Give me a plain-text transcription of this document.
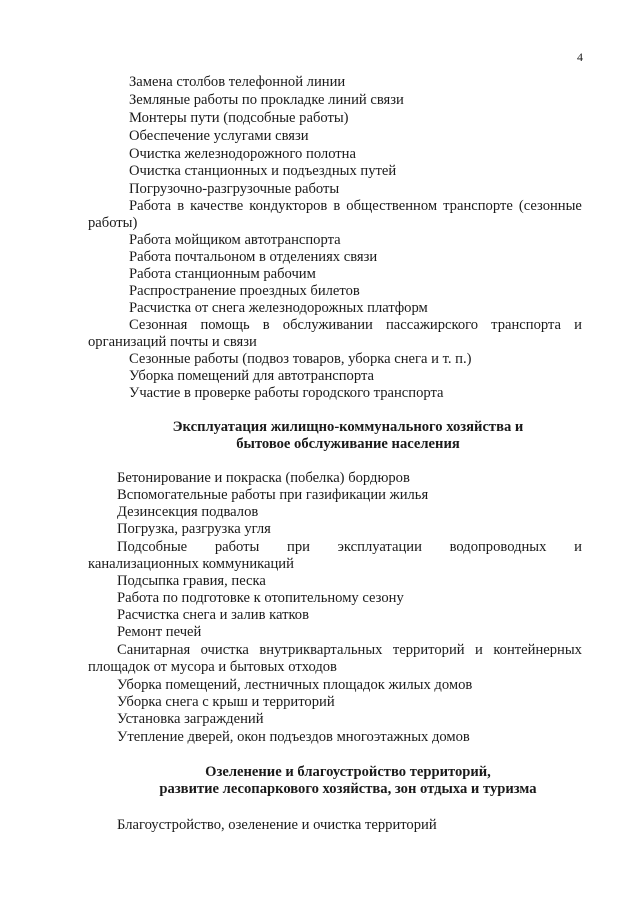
4
Замена столбов телефонной линии
Земляные работы по прокладке линий связи
Монтеры пути (подсобные работы)
Обеспечение услугами связи
Очистка железнодорожного полотна
Очистка станционных и подъездных путей
Погрузочно-разгрузочные работы
Работа в качестве кондукторов в общественном транспорте (сезонные
работы)
Работа мойщиком автотранспорта
Работа почтальоном в отделениях связи
Работа станционным рабочим
Распространение проездных билетов
Расчистка от снега железнодорожных платформ
Сезонная помощь в обслуживании пассажирского транспорта и
организаций почты и связи
Сезонные работы (подвоз товаров, уборка снега и т. п.)
Уборка помещений для автотранспорта
Участие в проверке работы городского транспорта
Эксплуатация жилищно-коммунального хозяйства и
бытовое обслуживание населения
Бетонирование и покраска (побелка) бордюров
Вспомогательные работы при газификации жилья
Дезинсекция подвалов
Погрузка, разгрузка угля
Подсобные работы при эксплуатации водопроводных и
канализационных коммуникаций
Подсыпка гравия, песка
Работа по подготовке к отопительному сезону
Расчистка снега и залив катков
Ремонт печей
Санитарная очистка внутриквартальных территорий и контейнерных
площадок от мусора и бытовых отходов
Уборка помещений, лестничных площадок жилых домов
Уборка снега с крыш и территорий
Установка заграждений
Утепление дверей, окон подъездов многоэтажных домов
Озеленение и благоустройство территорий,
развитие лесопаркового хозяйства, зон отдыха и туризма
Благоустройство, озеленение и очистка территорий
